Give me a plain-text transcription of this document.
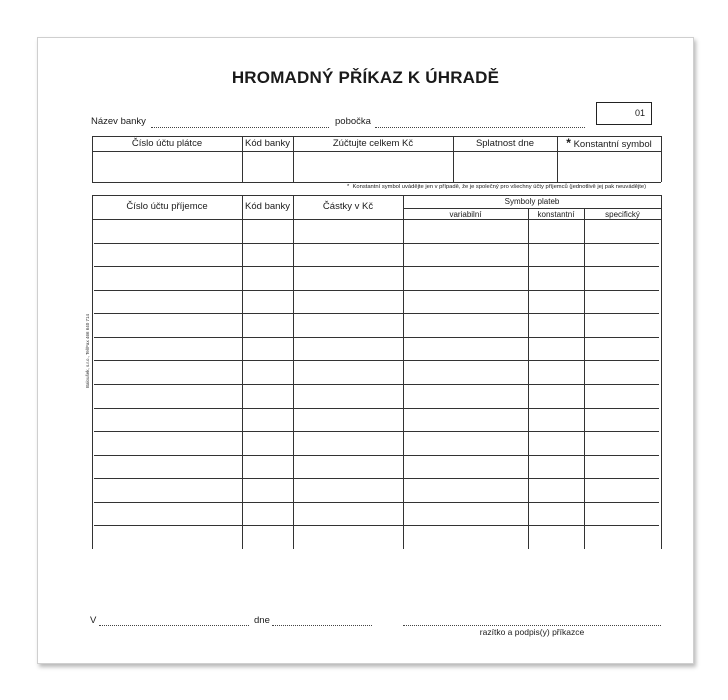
HROMADNÝ PŘÍKAZ K ÚHRADĚ
01
Název banky	pobočka
Číslo účtu plátce	Kód banky	Zúčtujte celkem Kč	Splatnost dne	* Konstantní symbol
* Konstantní symbol uvádějte jen v případě, že je společný pro všechny účty příjemců (jednotlivě jej pak neuvádějte)
Číslo účtu příjemce	Kód banky	Částky v Kč	Symboly plateb
variabilní	konstantní	specifický
Baloušek, s.r.o., Tel/Fax 466 640 714
V	dne
razítko a podpis(y) příkazce
